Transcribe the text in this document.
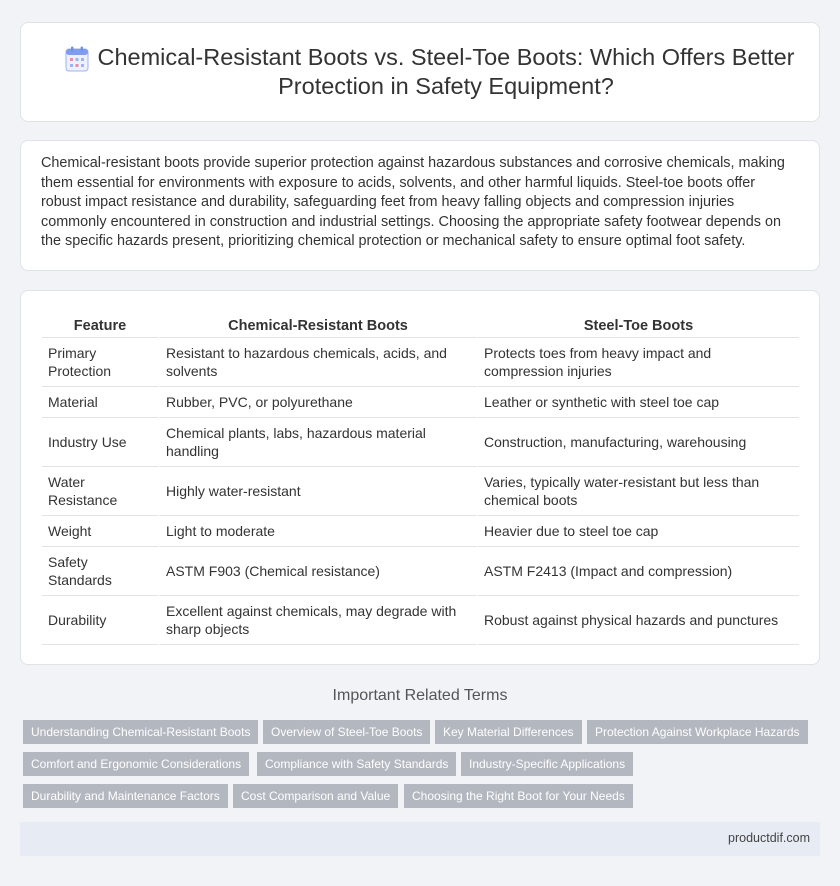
Chemical-Resistant Boots vs. Steel-Toe Boots: Which Offers Better Protection in Safety Equipment?

Chemical-resistant boots provide superior protection against hazardous substances and corrosive chemicals, making them essential for environments with exposure to acids, solvents, and other harmful liquids. Steel-toe boots offer robust impact resistance and durability, safeguarding feet from heavy falling objects and compression injuries commonly encountered in construction and industrial settings. Choosing the appropriate safety footwear depends on the specific hazards present, prioritizing chemical protection or mechanical safety to ensure optimal foot safety.

Feature	Chemical-Resistant Boots	Steel-Toe Boots
Primary Protection	Resistant to hazardous chemicals, acids, and solvents	Protects toes from heavy impact and compression injuries
Material	Rubber, PVC, or polyurethane	Leather or synthetic with steel toe cap
Industry Use	Chemical plants, labs, hazardous material handling	Construction, manufacturing, warehousing
Water Resistance	Highly water-resistant	Varies, typically water-resistant but less than chemical boots
Weight	Light to moderate	Heavier due to steel toe cap
Safety Standards	ASTM F903 (Chemical resistance)	ASTM F2413 (Impact and compression)
Durability	Excellent against chemicals, may degrade with sharp objects	Robust against physical hazards and punctures
Important Related Terms
Understanding Chemical-Resistant Boots	Overview of Steel-Toe Boots	Key Material Differences	Protection Against Workplace Hazards
Comfort and Ergonomic Considerations	Compliance with Safety Standards	Industry-Specific Applications
Durability and Maintenance Factors	Cost Comparison and Value	Choosing the Right Boot for Your Needs
productdif.com
